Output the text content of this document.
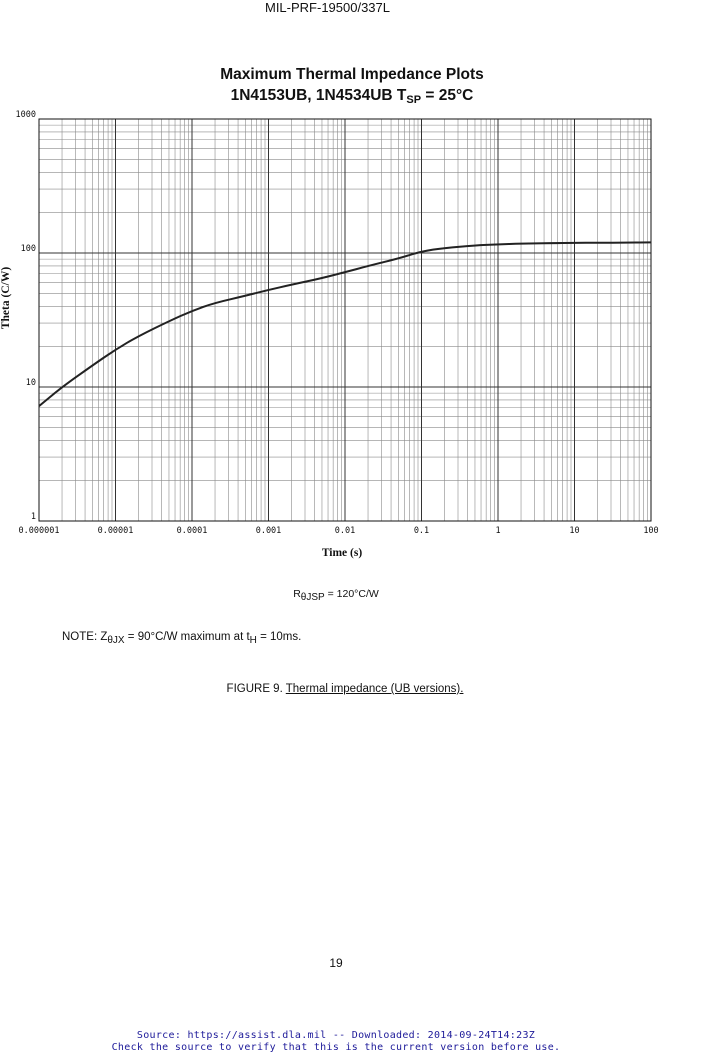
MIL-PRF-19500/337L
Maximum Thermal Impedance Plots
1N4153UB, 1N4534UB $T_{SP} = 25^\circ C$
0.000001	0.00001	0.0001	0.001	0.01	0.1	1	10	100
1
10
100
1000
Time (s)
Theta (C/W)
$R_{\theta JSP} = 120^\circ C/W$
NOTE: $Z_{\theta JX} = 90^\circ C/W$ maximum at $t_H = 10ms$.
FIGURE 9. Thermal impedance (UB versions).
19
Source: https://assist.dla.mil -- Downloaded: 2014-09-24T14:23Z
Check the source to verify that this is the current version before use.
